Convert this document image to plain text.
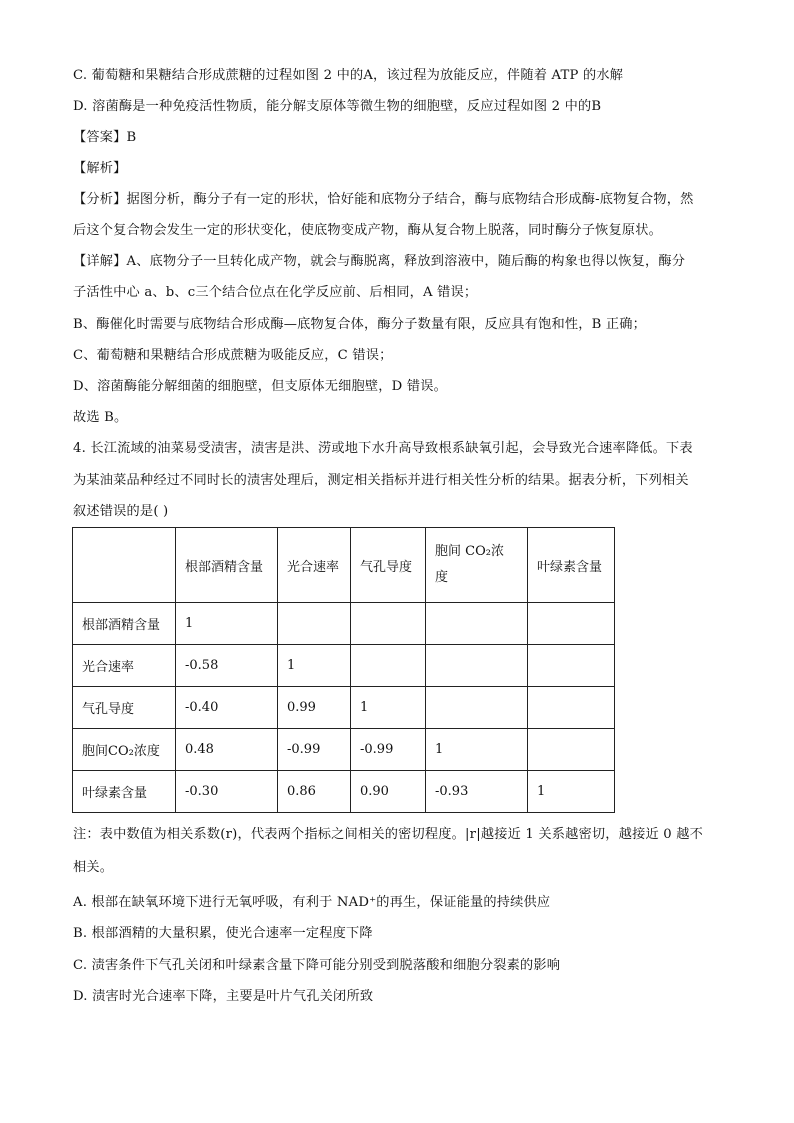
C. 葡萄糖和果糖结合形成蔗糖的过程如图 2 中的A，该过程为放能反应，伴随着 ATP 的水解
D. 溶菌酶是一种免疫活性物质，能分解支原体等微生物的细胞壁，反应过程如图 2 中的B
【答案】B
【解析】
【分析】据图分析，酶分子有一定的形状，恰好能和底物分子结合，酶与底物结合形成酶-底物复合物，然
后这个复合物会发生一定的形状变化，使底物变成产物，酶从复合物上脱落，同时酶分子恢复原状。
【详解】A、底物分子一旦转化成产物，就会与酶脱离，释放到溶液中，随后酶的构象也得以恢复，酶分
子活性中心 a、b、c三个结合位点在化学反应前、后相同，A 错误；
B、酶催化时需要与底物结合形成酶—底物复合体，酶分子数量有限，反应具有饱和性，B 正确；
C、葡萄糖和果糖结合形成蔗糖为吸能反应，C 错误；
D、溶菌酶能分解细菌的细胞壁，但支原体无细胞壁，D 错误。
故选 B。
4. 长江流域的油菜易受渍害，渍害是洪、涝或地下水升高导致根系缺氧引起，会导致光合速率降低。下表
为某油菜品种经过不同时长的渍害处理后，测定相关指标并进行相关性分析的结果。据表分析，下列相关
叙述错误的是( )
	根部酒精含量	光合速率	气孔导度	胞间 CO₂浓
度	叶绿素含量
根部酒精含量	1				
光合速率	-0.58	1			
气孔导度	-0.40	0.99	1		
胞间CO₂浓度	0.48	-0.99	-0.99	1	
叶绿素含量	-0.30	0.86	0.90	-0.93	1
注：表中数值为相关系数(r)，代表两个指标之间相关的密切程度。|r|越接近 1 关系越密切，越接近 0 越不
相关。
A. 根部在缺氧环境下进行无氧呼吸，有利于 NAD⁺的再生，保证能量的持续供应
B. 根部酒精的大量积累，使光合速率一定程度下降
C. 渍害条件下气孔关闭和叶绿素含量下降可能分别受到脱落酸和细胞分裂素的影响
D. 渍害时光合速率下降，主要是叶片气孔关闭所致
